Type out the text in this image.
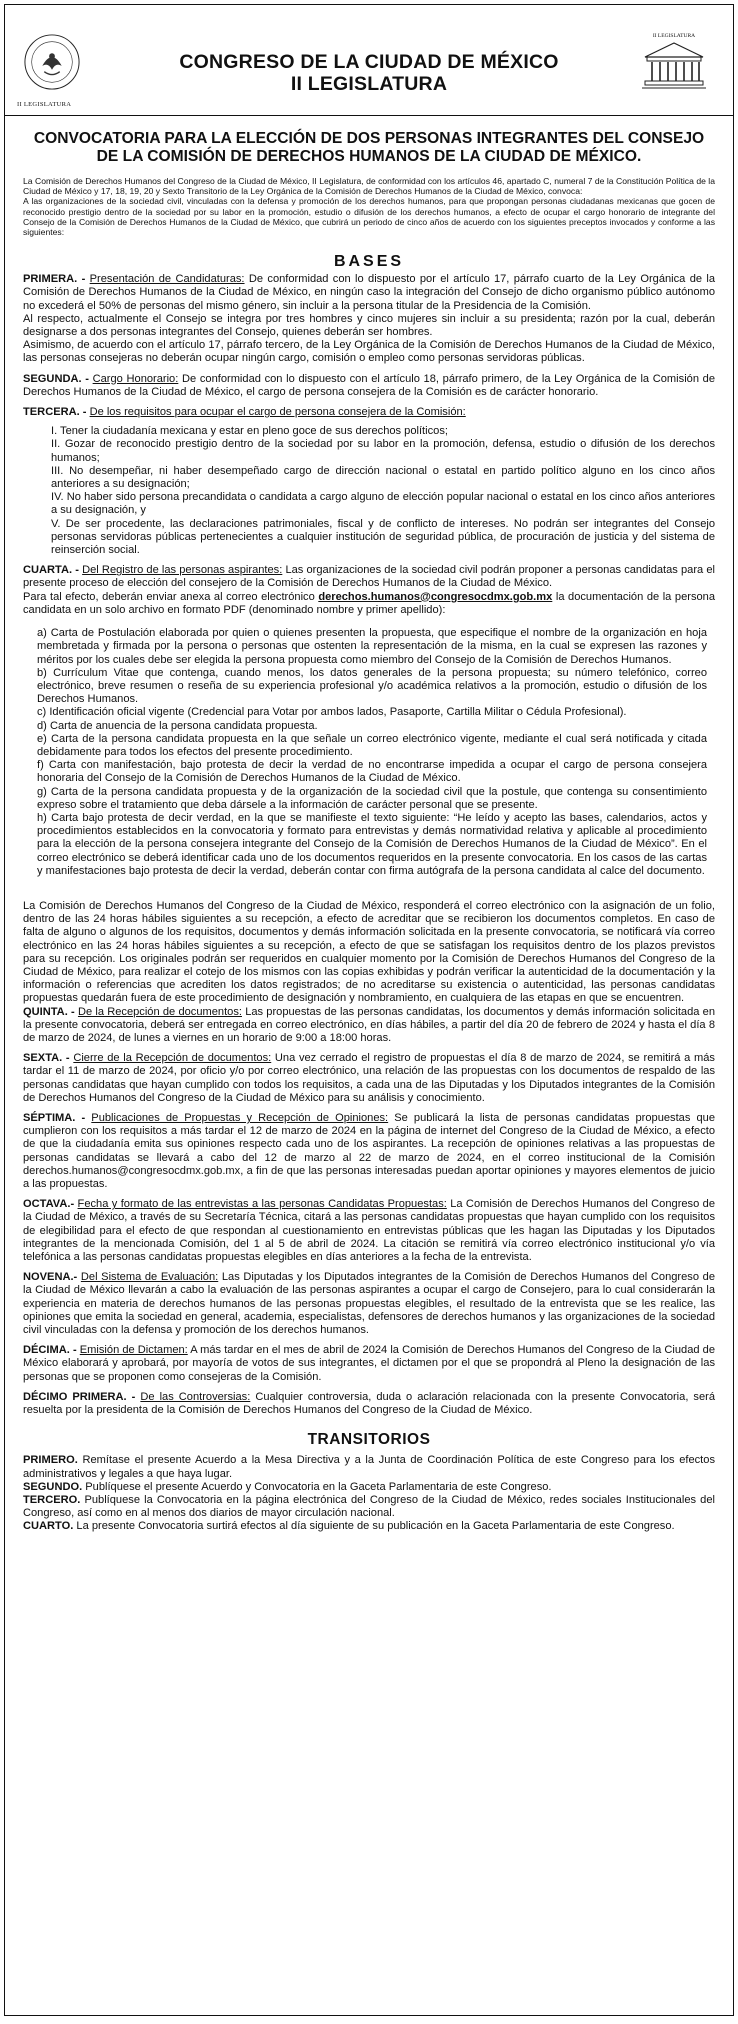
II LEGISLATURA
CONGRESO DE LA CIUDAD DE MÉXICO
II LEGISLATURA
II LEGISLATURA
CONVOCATORIA PARA LA ELECCIÓN DE DOS PERSONAS INTEGRANTES DEL CONSEJO DE LA COMISIÓN DE DERECHOS HUMANOS DE LA CIUDAD DE MÉXICO.

La Comisión de Derechos Humanos del Congreso de la Ciudad de México, II Legislatura, de conformidad con los artículos 46, apartado C, numeral 7 de la Constitución Política de la Ciudad de México y 17, 18, 19, 20 y Sexto Transitorio de la Ley Orgánica de la Comisión de Derechos Humanos de la Ciudad de México, convoca:

A las organizaciones de la sociedad civil, vinculadas con la defensa y promoción de los derechos humanos, para que propongan personas ciudadanas mexicanas que gocen de reconocido prestigio dentro de la sociedad por su labor en la promoción, estudio o difusión de los derechos humanos, a efecto de ocupar el cargo honorario de integrante del Consejo de la Comisión de Derechos Humanos de la Ciudad de México, que cubrirá un periodo de cinco años de acuerdo con los siguientes preceptos invocados y conforme a las siguientes:

BASES

PRIMERA. - Presentación de Candidaturas: De conformidad con lo dispuesto por el artículo 17, párrafo cuarto de la Ley Orgánica de la Comisión de Derechos Humanos de la Ciudad de México, en ningún caso la integración del Consejo de dicho organismo público autónomo no excederá el 50% de personas del mismo género, sin incluir a la persona titular de la Presidencia de la Comisión.

Al respecto, actualmente el Consejo se integra por tres hombres y cinco mujeres sin incluir a su presidenta; razón por la cual, deberán designarse a dos personas integrantes del Consejo, quienes deberán ser hombres.

Asimismo, de acuerdo con el artículo 17, párrafo tercero, de la Ley Orgánica de la Comisión de Derechos Humanos de la Ciudad de México, las personas consejeras no deberán ocupar ningún cargo, comisión o empleo como personas servidoras públicas.

SEGUNDA. - Cargo Honorario: De conformidad con lo dispuesto con el artículo 18, párrafo primero, de la Ley Orgánica de la Comisión de Derechos Humanos de la Ciudad de México, el cargo de persona consejera de la Comisión es de carácter honorario.

TERCERA. - De los requisitos para ocupar el cargo de persona consejera de la Comisión:

I. Tener la ciudadanía mexicana y estar en pleno goce de sus derechos políticos;
II. Gozar de reconocido prestigio dentro de la sociedad por su labor en la promoción, defensa, estudio o difusión de los derechos humanos;
III. No desempeñar, ni haber desempeñado cargo de dirección nacional o estatal en partido político alguno en los cinco años anteriores a su designación;
IV. No haber sido persona precandidata o candidata a cargo alguno de elección popular nacional o estatal en los cinco años anteriores a su designación, y
V. De ser procedente, las declaraciones patrimoniales, fiscal y de conflicto de intereses. No podrán ser integrantes del Consejo personas servidoras públicas pertenecientes a cualquier institución de seguridad pública, de procuración de justicia y del sistema de reinserción social.

CUARTA. - Del Registro de las personas aspirantes: Las organizaciones de la sociedad civil podrán proponer a personas candidatas para el presente proceso de elección del consejero de la Comisión de Derechos Humanos de la Ciudad de México.

Para tal efecto, deberán enviar anexa al correo electrónico derechos.humanos@congresocdmx.gob.mx la documentación de la persona candidata en un solo archivo en formato PDF (denominado nombre y primer apellido):

a) Carta de Postulación elaborada por quien o quienes presenten la propuesta, que especifique el nombre de la organización en hoja membretada y firmada por la persona o personas que ostenten la representación de la misma, en la cual se expresen las razones y méritos por los cuales debe ser elegida la persona propuesta como miembro del Consejo de la Comisión de Derechos Humanos.
b) Currículum Vitae que contenga, cuando menos, los datos generales de la persona propuesta; su número telefónico, correo electrónico, breve resumen o reseña de su experiencia profesional y/o académica relativos a la promoción, estudio o difusión de los Derechos Humanos.
c) Identificación oficial vigente (Credencial para Votar por ambos lados, Pasaporte, Cartilla Militar o Cédula Profesional).
d) Carta de anuencia de la persona candidata propuesta.
e) Carta de la persona candidata propuesta en la que señale un correo electrónico vigente, mediante el cual será notificada y citada debidamente para todos los efectos del presente procedimiento.
f) Carta con manifestación, bajo protesta de decir la verdad de no encontrarse impedida a ocupar el cargo de persona consejera honoraria del Consejo de la Comisión de Derechos Humanos de la Ciudad de México.
g) Carta de la persona candidata propuesta y de la organización de la sociedad civil que la postule, que contenga su consentimiento expreso sobre el tratamiento que deba dársele a la información de carácter personal que se presente.
h) Carta bajo protesta de decir verdad, en la que se manifieste el texto siguiente: “He leído y acepto las bases, calendarios, actos y procedimientos establecidos en la convocatoria y formato para entrevistas y demás normatividad relativa y aplicable al procedimiento para la elección de la persona consejera integrante del Consejo de la Comisión de Derechos Humanos de la Ciudad de México”. En el correo electrónico se deberá identificar cada uno de los documentos requeridos en la presente convocatoria. En los casos de las cartas y manifestaciones bajo protesta de decir la verdad, deberán contar con firma autógrafa de la persona candidata al calce del documento.

La Comisión de Derechos Humanos del Congreso de la Ciudad de México, responderá el correo electrónico con la asignación de un folio, dentro de las 24 horas hábiles siguientes a su recepción, a efecto de acreditar que se recibieron los documentos completos. En caso de falta de alguno o algunos de los requisitos, documentos y demás información solicitada en la presente convocatoria, se notificará vía correo electrónico en las 24 horas hábiles siguientes a su recepción, a efecto de que se satisfagan los requisitos dentro de los plazos previstos para su recepción. Los originales podrán ser requeridos en cualquier momento por la Comisión de Derechos Humanos del Congreso de la Ciudad de México, para realizar el cotejo de los mismos con las copias exhibidas y podrán verificar la autenticidad de la documentación y la información o referencias que acrediten los datos registrados; de no acreditarse su existencia o autenticidad, las personas candidatas propuestas quedarán fuera de este procedimiento de designación y nombramiento, en cualquiera de las etapas en que se encuentren.

QUINTA. - De la Recepción de documentos: Las propuestas de las personas candidatas, los documentos y demás información solicitada en la presente convocatoria, deberá ser entregada en correo electrónico, en días hábiles, a partir del día 20 de febrero de 2024 y hasta el día 8 de marzo de 2024, de lunes a viernes en un horario de 9:00 a 18:00 horas.

SEXTA. - Cierre de la Recepción de documentos: Una vez cerrado el registro de propuestas el día 8 de marzo de 2024, se remitirá a más tardar el 11 de marzo de 2024, por oficio y/o por correo electrónico, una relación de las propuestas con los documentos de respaldo de las personas candidatas que hayan cumplido con todos los requisitos, a cada una de las Diputadas y los Diputados integrantes de la Comisión de Derechos Humanos del Congreso de la Ciudad de México para su análisis y conocimiento.

SÉPTIMA. - Publicaciones de Propuestas y Recepción de Opiniones: Se publicará la lista de personas candidatas propuestas que cumplieron con los requisitos a más tardar el 12 de marzo de 2024 en la página de internet del Congreso de la Ciudad de México, a efecto de que la ciudadanía emita sus opiniones respecto cada uno de los aspirantes. La recepción de opiniones relativas a las propuestas de personas candidatas se llevará a cabo del 12 de marzo al 22 de marzo de 2024, en el correo institucional de la Comisión derechos.humanos@congresocdmx.gob.mx, a fin de que las personas interesadas puedan aportar opiniones y mayores elementos de juicio a las propuestas.

OCTAVA.- Fecha y formato de las entrevistas a las personas Candidatas Propuestas: La Comisión de Derechos Humanos del Congreso de la Ciudad de México, a través de su Secretaría Técnica, citará a las personas candidatas propuestas que hayan cumplido con los requisitos de elegibilidad para el efecto de que respondan al cuestionamiento en entrevistas públicas que les hagan las Diputadas y los Diputados integrantes de la mencionada Comisión, del 1 al 5 de abril de 2024. La citación se remitirá vía correo electrónico institucional y/o vía telefónica a las personas candidatas propuestas elegibles en días anteriores a la fecha de la entrevista.

NOVENA.- Del Sistema de Evaluación: Las Diputadas y los Diputados integrantes de la Comisión de Derechos Humanos del Congreso de la Ciudad de México llevarán a cabo la evaluación de las personas aspirantes a ocupar el cargo de Consejero, para lo cual considerarán la experiencia en materia de derechos humanos de las personas propuestas elegibles, el resultado de la entrevista que se les realice, las opiniones que emita la sociedad en general, academia, especialistas, defensores de derechos humanos y las organizaciones de la sociedad civil vinculadas con la defensa y promoción de los derechos humanos.

DÉCIMA. - Emisión de Dictamen: A más tardar en el mes de abril de 2024 la Comisión de Derechos Humanos del Congreso de la Ciudad de México elaborará y aprobará, por mayoría de votos de sus integrantes, el dictamen por el que se propondrá al Pleno la designación de las personas que se proponen como consejeras de la Comisión.

DÉCIMO PRIMERA. - De las Controversias: Cualquier controversia, duda o aclaración relacionada con la presente Convocatoria, será resuelta por la presidenta de la Comisión de Derechos Humanos del Congreso de la Ciudad de México.

TRANSITORIOS

PRIMERO. Remítase el presente Acuerdo a la Mesa Directiva y a la Junta de Coordinación Política de este Congreso para los efectos administrativos y legales a que haya lugar.

SEGUNDO. Publíquese el presente Acuerdo y Convocatoria en la Gaceta Parlamentaria de este Congreso.

TERCERO. Publíquese la Convocatoria en la página electrónica del Congreso de la Ciudad de México, redes sociales Institucionales del Congreso, así como en al menos dos diarios de mayor circulación nacional.

CUARTO. La presente Convocatoria surtirá efectos al día siguiente de su publicación en la Gaceta Parlamentaria de este Congreso.
